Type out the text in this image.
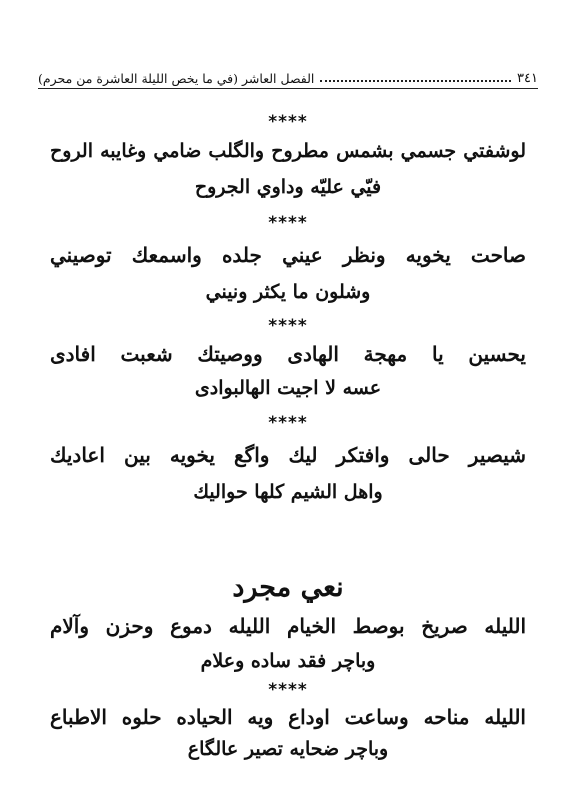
الفصل العاشر (في ما يخص الليلة العاشرة من محرم)	٣٤١
****
لوشفتي جسمي بشمس مطروح والگلب ضامي وغايبه الروح
فيّي عليّه وداوي الجروح
****
صاحت يخويه ونظر عيني جلده واسمعك توصيني
وشلون ما يكثر ونيني
****
يحسين يا مهجة الهادى ووصيتك شعبت افادى
عسه لا اجيت الهالبوادى
****
شيصير حالى وافتكر ليك واگع يخويه بين اعاديك
واهل الشيم كلها حواليك
نعي مجرد
الليله صريخ بوصط الخيام الليله دموع وحزن وآلام
وباچر فقد ساده وعلام
****
الليله مناحه وساعت اوداع ويه الحياده حلوه الاطباع
وباچر ضحايه تصير عالگاع
